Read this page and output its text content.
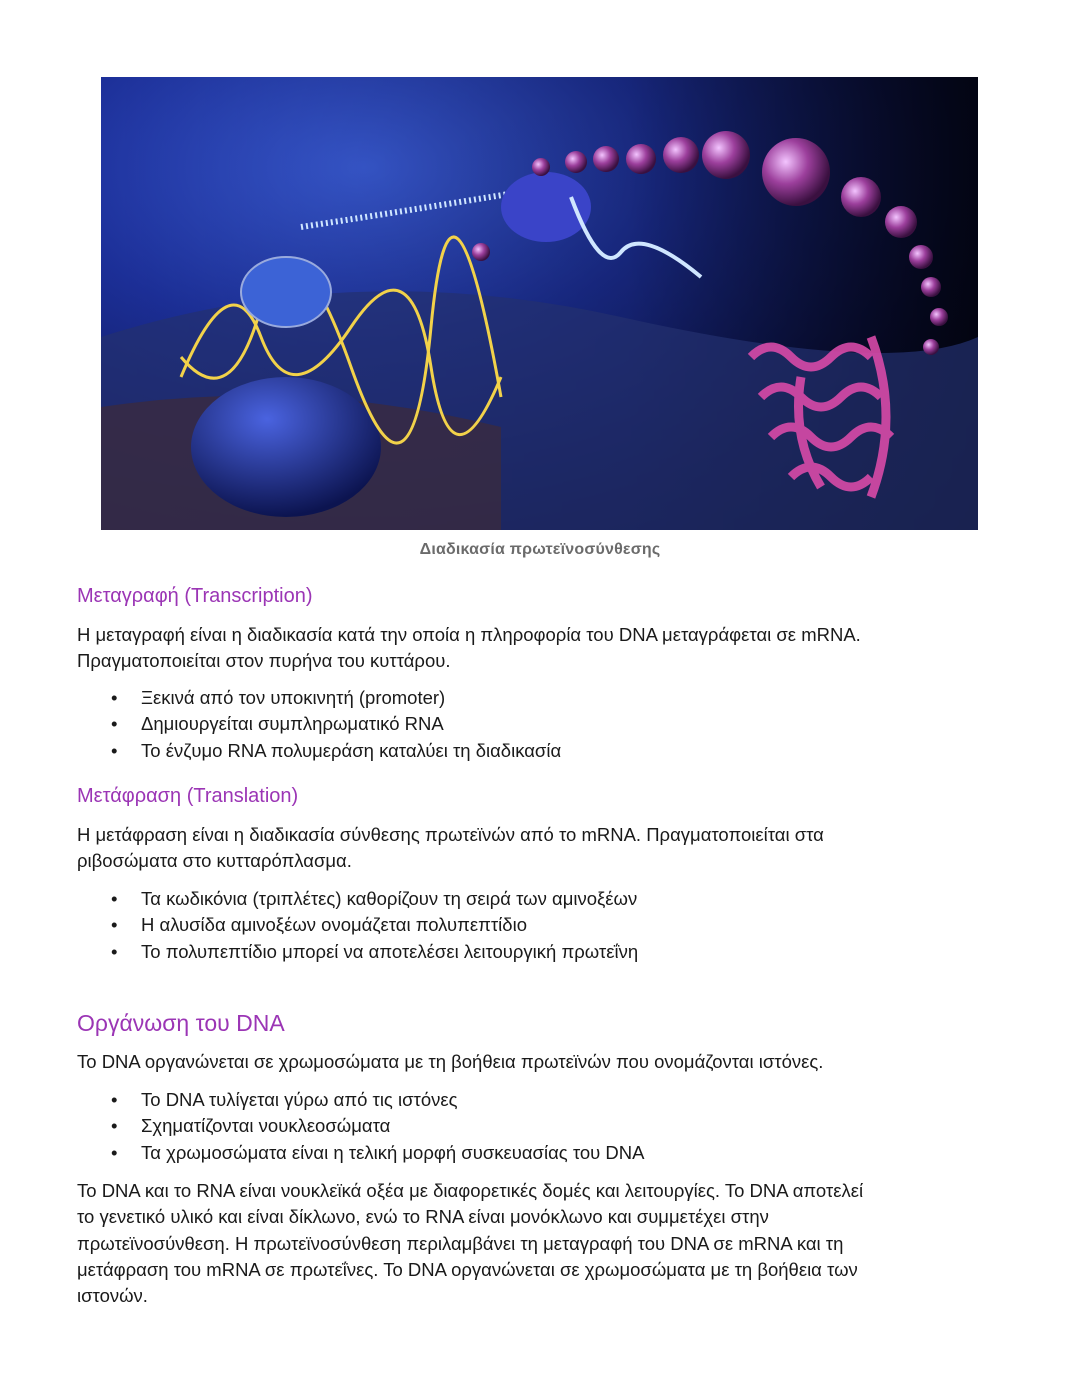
Διαδικασία πρωτεϊνοσύνθεσης
Μεταγραφή (Transcription)
Η μεταγραφή είναι η διαδικασία κατά την οποία η πληροφορία του DNA μεταγράφεται σε mRNA.
Πραγματοποιείται στον πυρήνα του κυττάρου.
• Ξεκινά από τον υποκινητή (promoter)
• Δημιουργείται συμπληρωματικό RNA
• Το ένζυμο RNA πολυμεράση καταλύει τη διαδικασία
Μετάφραση (Translation)
Η μετάφραση είναι η διαδικασία σύνθεσης πρωτεϊνών από το mRNA. Πραγματοποιείται στα
ριβοσώματα στο κυτταρόπλασμα.
• Τα κωδικόνια (τριπλέτες) καθορίζουν τη σειρά των αμινοξέων
• Η αλυσίδα αμινοξέων ονομάζεται πολυπεπτίδιο
• Το πολυπεπτίδιο μπορεί να αποτελέσει λειτουργική πρωτεΐνη
Οργάνωση του DNA
Το DNA οργανώνεται σε χρωμοσώματα με τη βοήθεια πρωτεϊνών που ονομάζονται ιστόνες.
• Το DNA τυλίγεται γύρω από τις ιστόνες
• Σχηματίζονται νουκλεοσώματα
• Τα χρωμοσώματα είναι η τελική μορφή συσκευασίας του DNA
Το DNA και το RNA είναι νουκλεϊκά οξέα με διαφορετικές δομές και λειτουργίες. Το DNA αποτελεί
το γενετικό υλικό και είναι δίκλωνο, ενώ το RNA είναι μονόκλωνο και συμμετέχει στην
πρωτεϊνοσύνθεση. Η πρωτεϊνοσύνθεση περιλαμβάνει τη μεταγραφή του DNA σε mRNA και τη
μετάφραση του mRNA σε πρωτεΐνες. Το DNA οργανώνεται σε χρωμοσώματα με τη βοήθεια των
ιστονών.
